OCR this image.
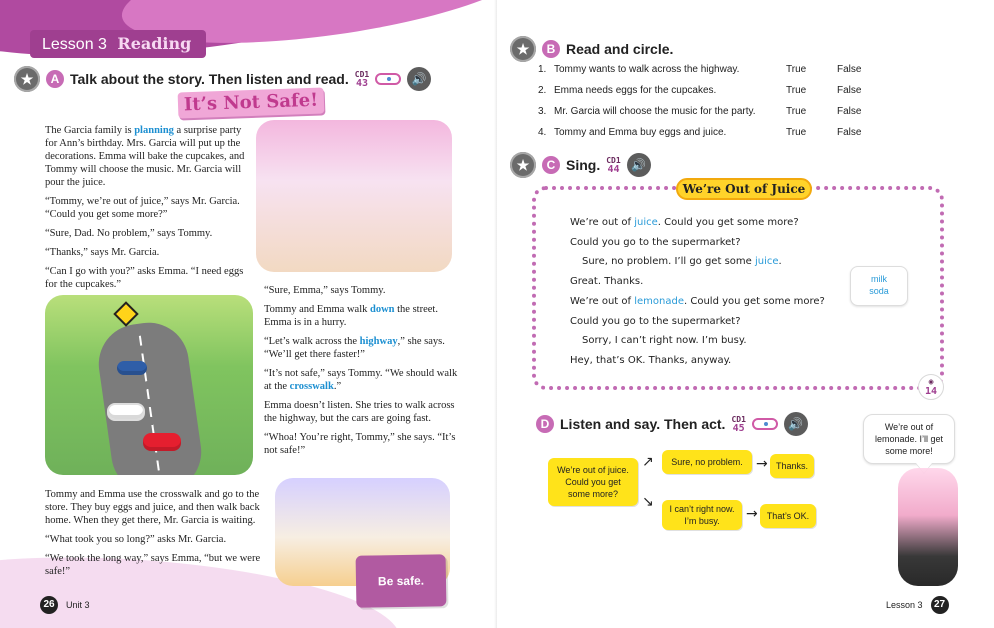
Lesson 3 Reading
★	A Talk about the story. Then listen and read. CD1
43	🔊
It’s Not Safe!

The Garcia family is planning a surprise party for Ann’s birthday. Mrs. Garcia will put up the decorations. Emma will bake the cupcakes, and Tommy will choose the music. Mr. Garcia will pour the juice.

“Tommy, we’re out of juice,” says Mr. Garcia. “Could you get some more?”

“Sure, Dad. No problem,” says Tommy.

“Thanks,” says Mr. Garcia.

“Can I go with you?” asks Emma. “I need eggs for the cupcakes.”

“Sure, Emma,” says Tommy.

Tommy and Emma walk down the street. Emma is in a hurry.

“Let’s walk across the highway,” she says. “We’ll get there faster!”

“It’s not safe,” says Tommy. “We should walk at the crosswalk.”

Emma doesn’t listen. She tries to walk across the highway, but the cars are going fast.

“Whoa! You’re right, Tommy,” she says. “It’s not safe!”

Tommy and Emma use the crosswalk and go to the store. They buy eggs and juice, and then walk back home. When they get there, Mr. Garcia is waiting.

“What took you so long?” asks Mr. Garcia.

“We took the long way,” says Emma, “but we were safe!”

Be safe.
26	Unit 3
★	B Read and circle.
1. Tommy wants to walk across the highway.	True	False
2. Emma needs eggs for the cupcakes.	True	False
3. Mr. Garcia will choose the music for the party.	True	False
4. Tommy and Emma buy eggs and juice.	True	False
★	C Sing. CD1
44 🔊
We’re Out of Juice
We’re out of juice. Could you get some more?
Could you go to the supermarket?
Sure, no problem. I’ll go get some juice.
Great. Thanks.
We’re out of lemonade. Could you get some more?
Could you go to the supermarket?
Sorry, I can’t right now. I’m busy.
Hey, that’s OK. Thanks, anyway.
milk
soda
◉
14
D Listen and say. Then act. CD1
45	🔊	We’re out of lemonade. I’ll get some more!
We’re out of juice. Could you get some more?
↗	Sure, no problem. → Thanks.
↘	I can’t right now. I’m busy.	→	That’s OK.
Lesson 3	27
